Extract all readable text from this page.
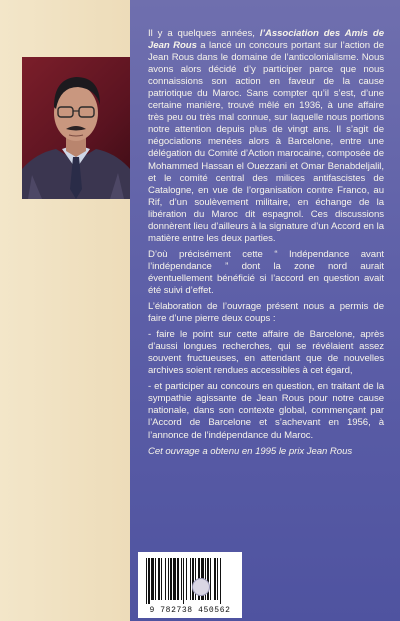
Il y a quelques années, l’Association des Amis de Jean Rous a lancé un concours portant sur l’action de Jean Rous dans le domaine de l’anticolonialisme. Nous avons alors décidé d’y participer parce que nous connaissions son action en faveur de la cause patriotique du Maroc. Sans compter qu’il s’est, d’une certaine manière, trouvé mêlé en 1936, à une affaire très peu ou très mal connue, sur laquelle nous portions notre attention depuis plus de vingt ans. Il s’agit de négociations menées alors à Barcelone, entre une délégation du Comité d’Action marocaine, composée de Mohammed Hassan el Ouezzani et Omar Benabdeljalil, et le comité central des milices antifascistes de Catalogne, en vue de l’organisation contre Franco, au Rif, d’un soulèvement militaire, en échange de la libération du Maroc dit espagnol. Ces discussions donnèrent lieu d’ailleurs à la signature d’un Accord en la matière entre les deux parties.

D’où précisément cette “ Indépendance avant l’indépendance ” dont la zone nord aurait éventuellement bénéficié si l’accord en question avait été suivi d’effet.

L’élaboration de l’ouvrage présent nous a permis de faire d’une pierre deux coups :

- faire le point sur cette affaire de Barcelone, après d’aussi longues recherches, qui se révélaient assez souvent fructueuses, en attendant que de nouvelles archives soient rendues accessibles à cet égard,

- et participer au concours en question, en traitant de la sympathie agissante de Jean Rous pour notre cause nationale, dans son contexte global, commençant par l’Accord de Barcelone et s’achevant en 1956, à l’annonce de l’indépendance du Maroc.

Cet ouvrage a obtenu en 1995 le prix Jean Rous

9 782738 450562
